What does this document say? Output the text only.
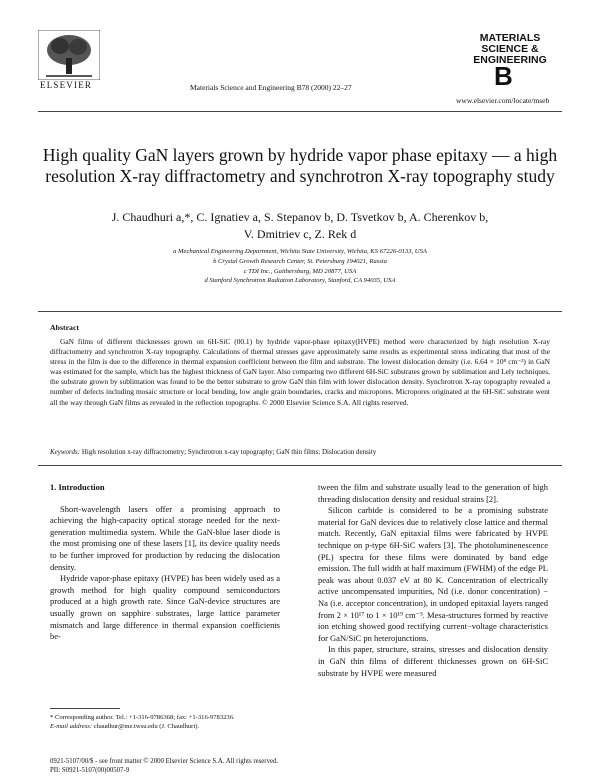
ELSEVIER	Materials Science and Engineering B78 (2000) 22–27
MATERIALS
SCIENCE &
ENGINEERING
B
www.elsevier.com/locate/mseb
High quality GaN layers grown by hydride vapor phase epitaxy — a high resolution X-ray diffractometry and synchrotron X-ray topography study
J. Chaudhuri a,*, C. Ignatiev a, S. Stepanov b, D. Tsvetkov b, A. Cherenkov b,
V. Dmitriev c, Z. Rek d
a Mechanical Engineering Department, Wichita State University, Wichita, KS 67226-0133, USA
b Crystal Growth Research Center, St. Petersburg 194021, Russia
c TDI Inc., Gaithersburg, MD 20877, USA
d Stanford Synchrotron Radiation Laboratory, Stanford, CA 94035, USA
Abstract
GaN films of different thicknesses grown on 6H-SiC (00.1) by hydride vapor-phase epitaxy(HVPE) method were characterized by high resolution X-ray diffractometry and synchrotron X-ray topography. Calculations of thermal stresses gave approximately same results as experimental stress indicating that most of the stress in the film is due to the difference in thermal expansion coefficient between the film and substrate. The lowest dislocation density (i.e. 6.64 × 10⁸ cm⁻²) in GaN was estimated for the sample, which has the highest thickness of GaN layer. Also comparing two different 6H-SiC substrates grown by sublimation and Lely techniques, the substrate grown by sublimation was found to be the better substrate to grow GaN thin film with lower dislocation density. Synchrotron X-ray topography revealed a number of defects including mosaic structure or local bending, low angle grain boundaries, cracks and micropores. Micropores originated at the 6H-SiC substrate went all the way through GaN films as revealed in the reflection topographs. © 2000 Elsevier Science S.A. All rights reserved.
Keywords: High resolution x-ray diffractometry; Synchrotron x-ray topography; GaN thin films; Dislocation density
1. Introduction

Short-wavelength lasers offer a promising approach to achieving the high-capacity optical storage needed for the next-generation multimedia system. While the GaN-blue laser diode is the most promising one of these lasers [1], its device quality needs to be further improved for production by reducing the dislocation density.

Hydride vapor-phase epitaxy (HVPE) has been widely used as a growth method for high quality compound semiconductors produced at a high growth rate. Since GaN-device structures are usually grown on sapphire substrates, large lattice parameter mismatch and large difference in thermal expansion coefficients be-

tween the film and substrate usually lead to the generation of high threading dislocation density and residual strains [2].

Silicon carbide is considered to be a promising substrate material for GaN devices due to relatively close lattice and thermal match. Recently, GaN epitaxial films were fabricated by HVPE technique on p-type 6H-SiC wafers [3]. The photoluminenescence (PL) spectra for these films were dominated by band edge emission. The full width at half maximum (FWHM) of the edge PL peak was about 0.037 eV at 80 K. Concentration of electrically active uncompensated impurities, Nd (i.e. donor concentration) − Na (i.e. acceptor concentration), in undoped epitaxial layers ranged from 2 × 10¹⁷ to 1 × 10¹⁹ cm⁻³. Mesa-structures formed by reactive ion etching showed good rectifying current−voltage characteristics for GaN/SiC pn heterojunctions.

In this paper, structure, strains, stresses and dislocation density in GaN thin films of different thicknesses grown on 6H-SiC substrate by HVPE were measured

* Corresponding author. Tel.: +1-316-9786368; fax: +1-316-9783236.
E-mail address: chaudhur@me.twsu.edu (J. Chaudhuri).
0921-5107/00/$ - see front matter © 2000 Elsevier Science S.A. All rights reserved.
PII: S0921-5107(00)00507-9
